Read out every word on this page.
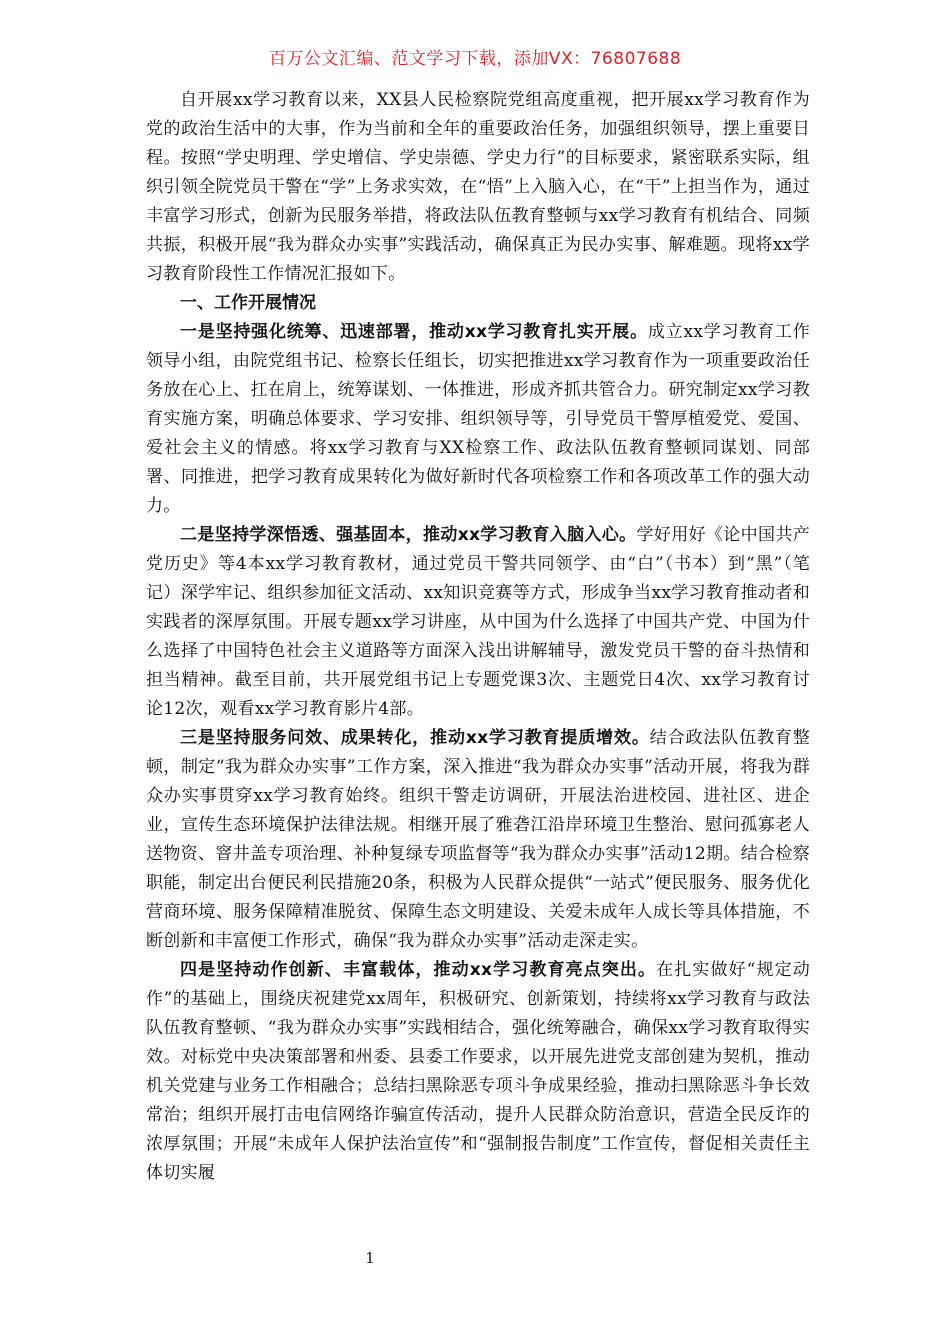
百万公文汇编、范文学习下载，添加VX：76807688

自开展xx学习教育以来，XX县人民检察院党组高度重视，把开展xx学习教育作为党的政治生活中的大事，作为当前和全年的重要政治任务，加强组织领导，摆上重要日程。按照“学史明理、学史增信、学史崇德、学史力行”的目标要求，紧密联系实际，组织引领全院党员干警在“学”上务求实效，在“悟”上入脑入心，在“干”上担当作为，通过丰富学习形式，创新为民服务举措，将政法队伍教育整顿与xx学习教育有机结合、同频共振，积极开展“我为群众办实事”实践活动，确保真正为民办实事、解难题。现将xx学习教育阶段性工作情况汇报如下。

一、工作开展情况

一是坚持强化统筹、迅速部署，推动xx学习教育扎实开展。成立xx学习教育工作领导小组，由院党组书记、检察长任组长，切实把推进xx学习教育作为一项重要政治任务放在心上、扛在肩上，统筹谋划、一体推进，形成齐抓共管合力。研究制定xx学习教育实施方案，明确总体要求、学习安排、组织领导等，引导党员干警厚植爱党、爱国、爱社会主义的情感。将xx学习教育与XX检察工作、政法队伍教育整顿同谋划、同部署、同推进，把学习教育成果转化为做好新时代各项检察工作和各项改革工作的强大动力。

二是坚持学深悟透、强基固本，推动xx学习教育入脑入心。学好用好《论中国共产党历史》等4本xx学习教育教材，通过党员干警共同领学、由“白”（书本）到“黑”（笔记）深学牢记、组织参加征文活动、xx知识竞赛等方式，形成争当xx学习教育推动者和实践者的深厚氛围。开展专题xx学习讲座，从中国为什么选择了中国共产党、中国为什么选择了中国特色社会主义道路等方面深入浅出讲解辅导，激发党员干警的奋斗热情和担当精神。截至目前，共开展党组书记上专题党课3次、主题党日4次、xx学习教育讨论12次，观看xx学习教育影片4部。

三是坚持服务问效、成果转化，推动xx学习教育提质增效。结合政法队伍教育整顿，制定“我为群众办实事”工作方案，深入推进“我为群众办实事”活动开展，将我为群众办实事贯穿xx学习教育始终。组织干警走访调研，开展法治进校园、进社区、进企业，宣传生态环境保护法律法规。相继开展了雅砻江沿岸环境卫生整治、慰问孤寡老人送物资、窨井盖专项治理、补种复绿专项监督等“我为群众办实事”活动12期。结合检察职能，制定出台便民利民措施20条，积极为人民群众提供“一站式”便民服务、服务优化营商环境、服务保障精准脱贫、保障生态文明建设、关爱未成年人成长等具体措施，不断创新和丰富便工作形式，确保“我为群众办实事”活动走深走实。

四是坚持动作创新、丰富载体，推动xx学习教育亮点突出。在扎实做好“规定动作”的基础上，围绕庆祝建党xx周年，积极研究、创新策划，持续将xx学习教育与政法队伍教育整顿、“我为群众办实事”实践相结合，强化统筹融合，确保xx学习教育取得实效。对标党中央决策部署和州委、县委工作要求，以开展先进党支部创建为契机，推动机关党建与业务工作相融合；总结扫黑除恶专项斗争成果经验，推动扫黑除恶斗争长效常治；组织开展打击电信网络诈骗宣传活动，提升人民群众防治意识，营造全民反诈的浓厚氛围；开展“未成年人保护法治宣传”和“强制报告制度”工作宣传，督促相关责任主体切实履

1
